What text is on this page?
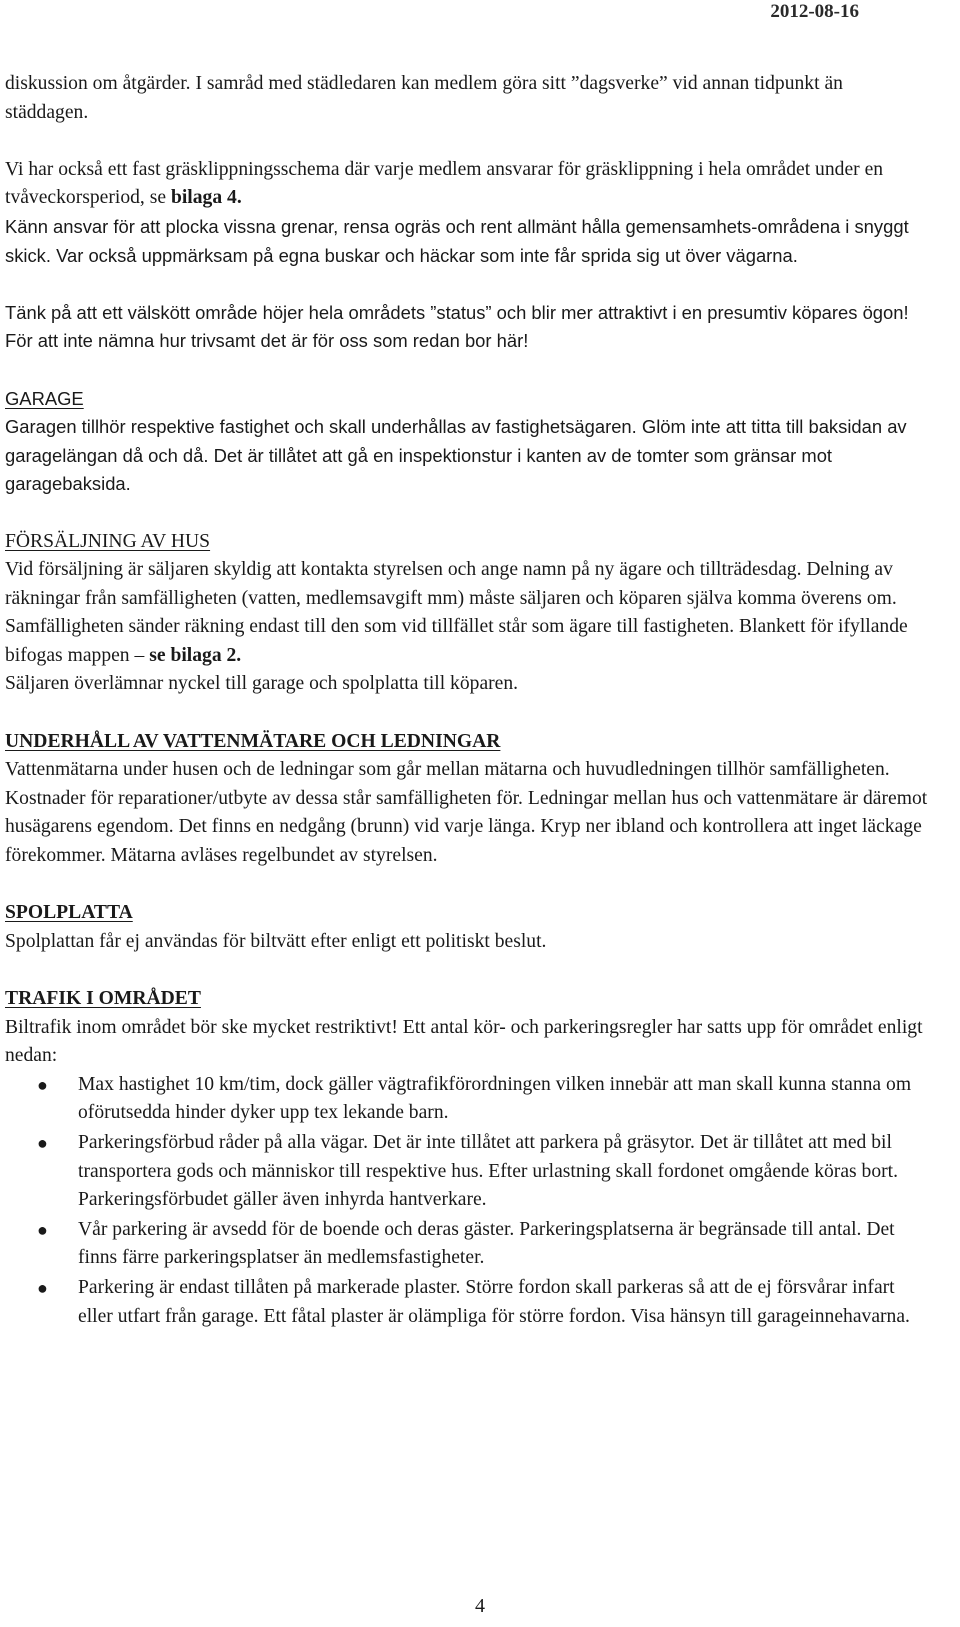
2012-08-16

diskussion om åtgärder. I samråd med städledaren kan medlem göra sitt ”dagsverke” vid annan tidpunkt än städdagen.

Vi har också ett fast gräsklippningsschema där varje medlem ansvarar för gräsklippning i hela området under en tvåveckorsperiod, se bilaga 4.

Känn ansvar för att plocka vissna grenar, rensa ogräs och rent allmänt hålla gemensamhets-områdena i snyggt skick. Var också uppmärksam på egna buskar och häckar som inte får sprida sig ut över vägarna.

Tänk på att ett välskött område höjer hela områdets ”status” och blir mer attraktivt i en presumtiv köpares ögon! För att inte nämna hur trivsamt det är för oss som redan bor här!

GARAGE

Garagen tillhör respektive fastighet och skall underhållas av fastighetsägaren. Glöm inte att titta till baksidan av garagelängan då och då. Det är tillåtet att gå en inspektionstur i kanten av de tomter som gränsar mot garagebaksida.

FÖRSÄLJNING AV HUS

Vid försäljning är säljaren skyldig att kontakta styrelsen och ange namn på ny ägare och tillträdesdag. Delning av räkningar från samfälligheten (vatten, medlemsavgift mm) måste säljaren och köparen själva komma överens om. Samfälligheten sänder räkning endast till den som vid tillfället står som ägare till fastigheten. Blankett för ifyllande bifogas mappen – se bilaga 2.

Säljaren överlämnar nyckel till garage och spolplatta till köparen.

UNDERHÅLL AV VATTENMÄTARE OCH LEDNINGAR

Vattenmätarna under husen och de ledningar som går mellan mätarna och huvudledningen tillhör samfälligheten. Kostnader för reparationer/utbyte av dessa står samfälligheten för. Ledningar mellan hus och vattenmätare är däremot husägarens egendom. Det finns en nedgång (brunn) vid varje länga. Kryp ner ibland och kontrollera att inget läckage förekommer. Mätarna avläses regelbundet av styrelsen.

SPOLPLATTA

Spolplattan får ej användas för biltvätt efter enligt ett politiskt beslut.

TRAFIK I OMRÅDET

Biltrafik inom området bör ske mycket restriktivt! Ett antal kör- och parkeringsregler har satts upp för området enligt nedan:

● Max hastighet 10 km/tim, dock gäller vägtrafikförordningen vilken innebär att man skall kunna stanna om oförutsedda hinder dyker upp tex lekande barn.
● Parkeringsförbud råder på alla vägar. Det är inte tillåtet att parkera på gräsytor. Det är tillåtet att med bil transportera gods och människor till respektive hus. Efter urlastning skall fordonet omgående köras bort. Parkeringsförbudet gäller även inhyrda hantverkare.
● Vår parkering är avsedd för de boende och deras gäster. Parkeringsplatserna är begränsade till antal. Det finns färre parkeringsplatser än medlemsfastigheter.
● Parkering är endast tillåten på markerade plaster. Större fordon skall parkeras så att de ej försvårar infart eller utfart från garage. Ett fåtal plaster är olämpliga för större fordon. Visa hänsyn till garageinnehavarna.
4
